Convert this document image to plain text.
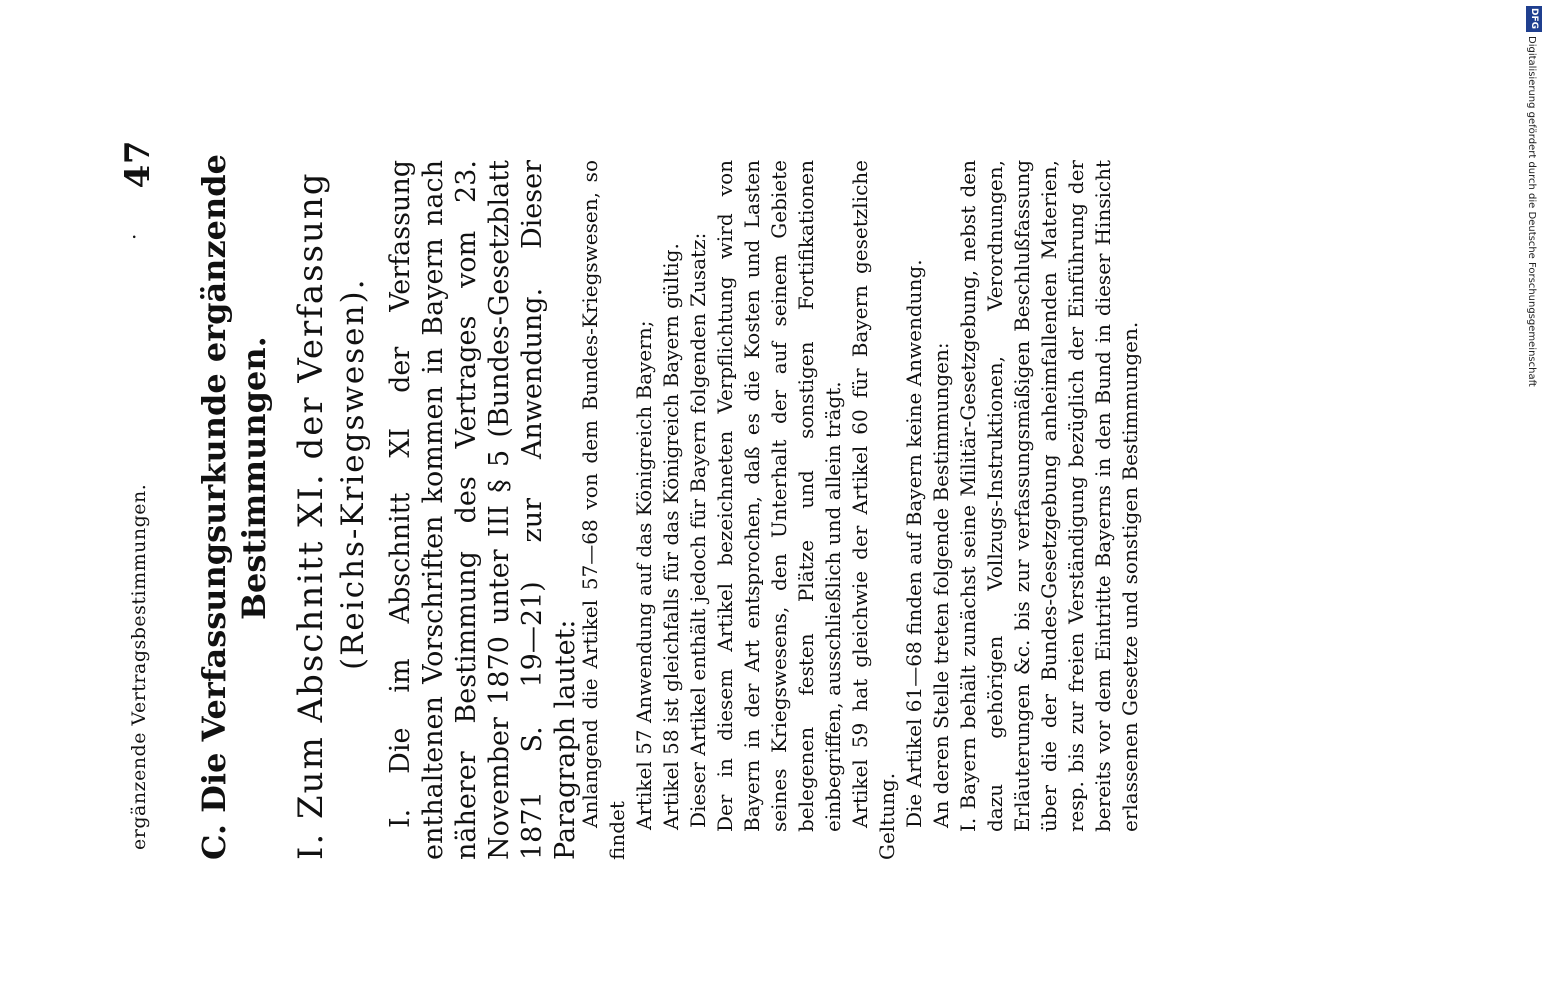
ergänzende Vertragsbestimmungen.
·
47 C. Die Verfassungsurkunde ergänzende Bestimmungen. I. Zum Abschnitt XI. der Verfassung (Reichs-Kriegswesen). I. Die im Abschnitt XI der Verfassung enthaltenen Vorschriften kommen in Bayern nach näherer Bestimmung des Vertrages vom 23. November 1870 unter III § 5 (Bundes-Gesetzblatt 1871 S. 19—21) zur Anwendung. Dieser Paragraph lautet:

Anlangend die Artikel 57—68 von dem Bundes-Kriegswesen, so findet

Artikel 57 Anwendung auf das Königreich Bayern; Artikel 58 ist gleichfalls für das Königreich Bayern gültig. Dieser Artikel enthält jedoch für Bayern folgenden Zusatz: Der in diesem Artikel bezeichneten Verpflichtung wird von Bayern in der Art entsprochen, daß es die Kosten und Lasten seines Kriegswesens, den Unterhalt der auf seinem Gebiete belegenen festen Plätze und sonstigen Fortifikationen einbegriffen, ausschließlich und allein trägt. Artikel 59 hat gleichwie der Artikel 60 für Bayern gesetzliche Geltung. Die Artikel 61—68 finden auf Bayern keine Anwendung. An deren Stelle treten folgende Bestimmungen: I. Bayern behält zunächst seine Militär-Gesetzgebung, nebst den dazu gehörigen Vollzugs-Instruktionen, Verordnungen, Erläuterungen &c. bis zur verfassungsmäßigen Beschlußfassung über die der Bundes-Gesetzgebung anheimfallenden Materien, resp. bis zur freien Verständigung bezüglich der Einführung der bereits vor dem Eintritte Bayerns in den Bund in dieser Hinsicht erlassenen Gesetze und sonstigen Bestimmungen.

DFG
Digitalisierung gefördert durch die Deutsche Forschungsgemeinschaft
